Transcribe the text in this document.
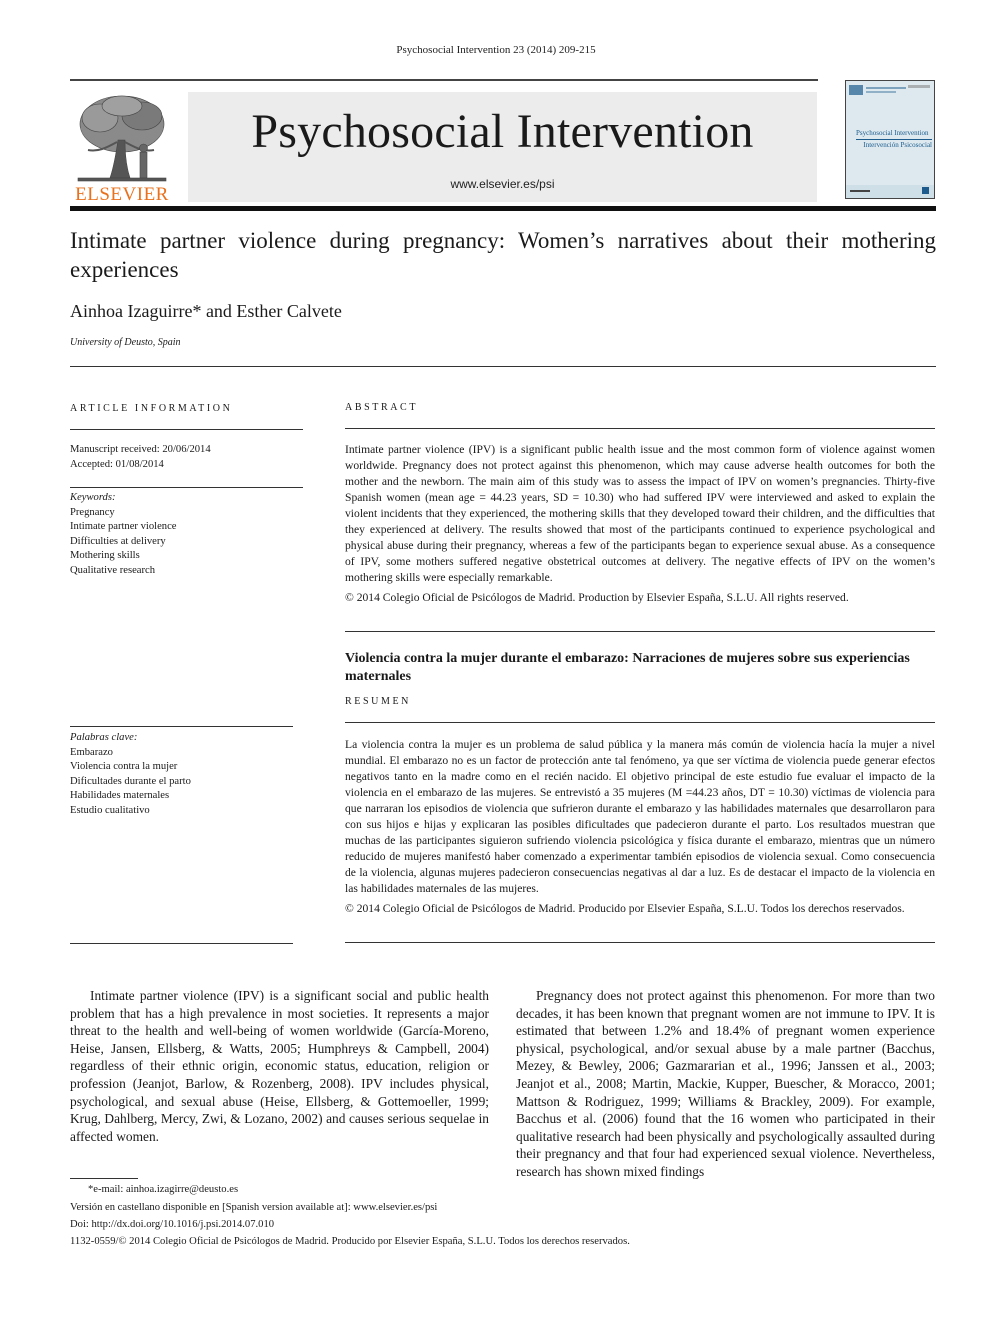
Psychosocial Intervention 23 (2014) 209-215
ELSEVIER
Psychosocial Intervention
www.elsevier.es/psi
Psychosocial Intervention
Intervención Psicosocial
Intimate partner violence during pregnancy: Women’s narratives about their mothering experiences
Ainhoa Izaguirre* and Esther Calvete
University of Deusto, Spain
ARTICLE INFORMATION
Manuscript received: 20/06/2014
Accepted: 01/08/2014
Keywords:
Pregnancy
Intimate partner violence
Difficulties at delivery
Mothering skills
Qualitative research
Palabras clave:
Embarazo
Violencia contra la mujer
Dificultades durante el parto
Habilidades maternales
Estudio cualitativo
ABSTRACT

Intimate partner violence (IPV) is a significant public health issue and the most common form of violence against women worldwide. Pregnancy does not protect against this phenomenon, which may cause adverse health outcomes for both the mother and the newborn. The main aim of this study was to assess the impact of IPV on women’s pregnancies. Thirty-five Spanish women (mean age = 44.23 years, SD = 10.30) who had suffered IPV were interviewed and asked to explain the violent incidents that they experienced, the mothering skills that they developed toward their children, and the difficulties that they experienced at delivery. The results showed that most of the participants continued to experience psychological and physical abuse during their pregnancy, whereas a few of the participants began to experience sexual abuse. As a consequence of IPV, some mothers suffered negative obstetrical outcomes at delivery. The negative effects of IPV on the women’s mothering skills were especially remarkable.

© 2014 Colegio Oficial de Psicólogos de Madrid. Production by Elsevier España, S.L.U. All rights reserved.

Violencia contra la mujer durante el embarazo: Narraciones de mujeres sobre sus experiencias maternales
RESUMEN

La violencia contra la mujer es un problema de salud pública y la manera más común de violencia hacía la mujer a nivel mundial. El embarazo no es un factor de protección ante tal fenómeno, ya que ser víctima de violencia puede generar efectos negativos tanto en la madre como en el recién nacido. El objetivo principal de este estudio fue evaluar el impacto de la violencia en el embarazo de las mujeres. Se entrevistó a 35 mujeres (M =44.23 años, DT = 10.30) víctimas de violencia para que narraran los episodios de violencia que sufrieron durante el embarazo y las habilidades maternales que desarrollaron para con sus hijos e hijas y explicaran las posibles dificultades que padecieron durante el parto. Los resultados muestran que muchas de las participantes siguieron sufriendo violencia psicológica y física durante el embarazo, mientras que un número reducido de mujeres manifestó haber comenzado a experimentar también episodios de violencia sexual. Como consecuencia de la violencia, algunas mujeres padecieron consecuencias negativas al dar a luz. Es de destacar el impacto de la violencia en las habilidades maternales de las mujeres.

© 2014 Colegio Oficial de Psicólogos de Madrid. Producido por Elsevier España, S.L.U. Todos los derechos reservados.

Intimate partner violence (IPV) is a significant social and public health problem that has a high prevalence in most societies. It represents a major threat to the health and well-being of women worldwide (García-Moreno, Heise, Jansen, Ellsberg, & Watts, 2005; Humphreys & Campbell, 2004) regardless of their ethnic origin, economic status, education, religion or profession (Jeanjot, Barlow, & Rozenberg, 2008). IPV includes physical, psychological, and sexual abuse (Heise, Ellsberg, & Gottemoeller, 1999; Krug, Dahlberg, Mercy, Zwi, & Lozano, 2002) and causes serious sequelae in affected women.

Pregnancy does not protect against this phenomenon. For more than two decades, it has been known that pregnant women are not immune to IPV. It is estimated that between 1.2% and 18.4% of pregnant women experience physical, psychological, and/or sexual abuse by a male partner (Bacchus, Mezey, & Bewley, 2006; Gazmararian et al., 1996; Janssen et al., 2003; Jeanjot et al., 2008; Martin, Mackie, Kupper, Buescher, & Moracco, 2001; Mattson & Rodriguez, 1999; Williams & Brackley, 2009). For example, Bacchus et al. (2006) found that the 16 women who participated in their qualitative research had been physically and psychologically assaulted during their pregnancy and that four had experienced sexual violence. Nevertheless, research has shown mixed findings

*e-mail: ainhoa.izagirre@deusto.es
Versión en castellano disponible en [Spanish version available at]: www.elsevier.es/psi
Doi: http://dx.doi.org/10.1016/j.psi.2014.07.010
1132-0559/© 2014 Colegio Oficial de Psicólogos de Madrid. Producido por Elsevier España, S.L.U. Todos los derechos reservados.
